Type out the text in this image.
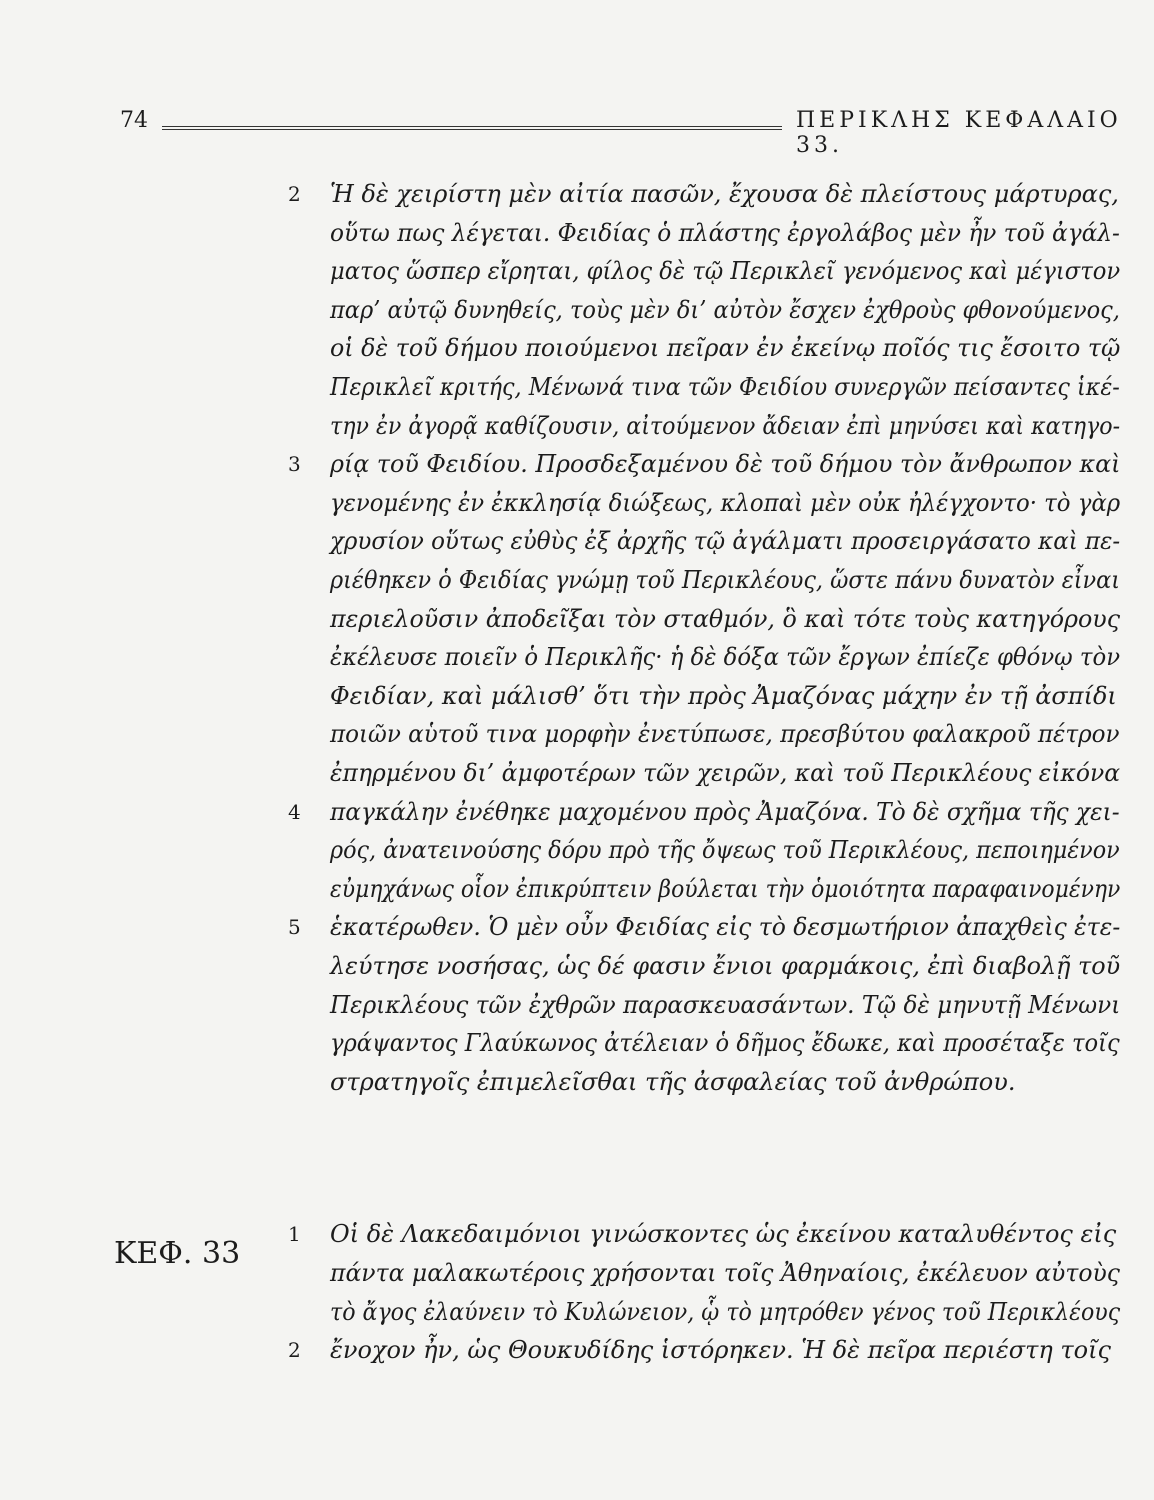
74	ΠΕΡΙΚΛΗΣ ΚΕΦΑΛΑΙΟ 33.
ΚΕΦ. 33
2
3
4
5
1
2
Ἡ δὲ χειρίστη μὲν αἰτία πασῶν, ἔχουσα δὲ πλείστους μάρτυρας,
οὕτω πως λέγεται. Φειδίας ὁ πλάστης ἐργολάβος μὲν ἦν τοῦ ἀγάλ-
ματος ὥσπερ εἴρηται, φίλος δὲ τῷ Περικλεῖ γενόμενος καὶ μέγιστον
παρ’ αὐτῷ δυνηθείς, τοὺς μὲν δι’ αὐτὸν ἔσχεν ἐχθροὺς φθονούμενος,
οἱ δὲ τοῦ δήμου ποιούμενοι πεῖραν ἐν ἐκείνῳ ποῖός τις ἔσοιτο τῷ
Περικλεῖ κριτής, Μένωνά τινα τῶν Φειδίου συνεργῶν πείσαντες ἱκέ-
την ἐν ἀγορᾷ καθίζουσιν, αἰτούμενον ἄδειαν ἐπὶ μηνύσει καὶ κατηγο-
ρίᾳ τοῦ Φειδίου. Προσδεξαμένου δὲ τοῦ δήμου τὸν ἄνθρωπον καὶ
γενομένης ἐν ἐκκλησίᾳ διώξεως, κλοπαὶ μὲν οὐκ ἠλέγχοντο· τὸ γὰρ
χρυσίον οὕτως εὐθὺς ἐξ ἀρχῆς τῷ ἀγάλματι προσειργάσατο καὶ πε-
ριέθηκεν ὁ Φειδίας γνώμῃ τοῦ Περικλέους, ὥστε πάνυ δυνατὸν εἶναι
περιελοῦσιν ἀποδεῖξαι τὸν σταθμόν, ὃ καὶ τότε τοὺς κατηγόρους
ἐκέλευσε ποιεῖν ὁ Περικλῆς· ἡ δὲ δόξα τῶν ἔργων ἐπίεζε φθόνῳ τὸν
Φειδίαν, καὶ μάλισθ’ ὅτι τὴν πρὸς Ἀμαζόνας μάχην ἐν τῇ ἀσπίδι
ποιῶν αὑτοῦ τινα μορφὴν ἐνετύπωσε, πρεσβύτου φαλακροῦ πέτρον
ἐπηρμένου δι’ ἀμφοτέρων τῶν χειρῶν, καὶ τοῦ Περικλέους εἰκόνα
παγκάλην ἐνέθηκε μαχομένου πρὸς Ἀμαζόνα. Τὸ δὲ σχῆμα τῆς χει-
ρός, ἀνατεινούσης δόρυ πρὸ τῆς ὄψεως τοῦ Περικλέους, πεποιημένον
εὐμηχάνως οἷον ἐπικρύπτειν βούλεται τὴν ὁμοιότητα παραφαινομένην
ἑκατέρωθεν. Ὁ μὲν οὖν Φειδίας εἰς τὸ δεσμωτήριον ἀπαχθεὶς ἐτε-
λεύτησε νοσήσας, ὡς δέ φασιν ἔνιοι φαρμάκοις, ἐπὶ διαβολῇ τοῦ
Περικλέους τῶν ἐχθρῶν παρασκευασάντων. Τῷ δὲ μηνυτῇ Μένωνι
γράψαντος Γλαύκωνος ἀτέλειαν ὁ δῆμος ἔδωκε, καὶ προσέταξε τοῖς
στρατηγοῖς ἐπιμελεῖσθαι τῆς ἀσφαλείας τοῦ ἀνθρώπου.
Οἱ δὲ Λακεδαιμόνιοι γινώσκοντες ὡς ἐκείνου καταλυθέντος εἰς
πάντα μαλακωτέροις χρήσονται τοῖς Ἀθηναίοις, ἐκέλευον αὐτοὺς
τὸ ἄγος ἐλαύνειν τὸ Κυλώνειον, ᾧ τὸ μητρόθεν γένος τοῦ Περικλέους
ἔνοχον ἦν, ὡς Θουκυδίδης ἱστόρηκεν. Ἡ δὲ πεῖρα περιέστη τοῖς
